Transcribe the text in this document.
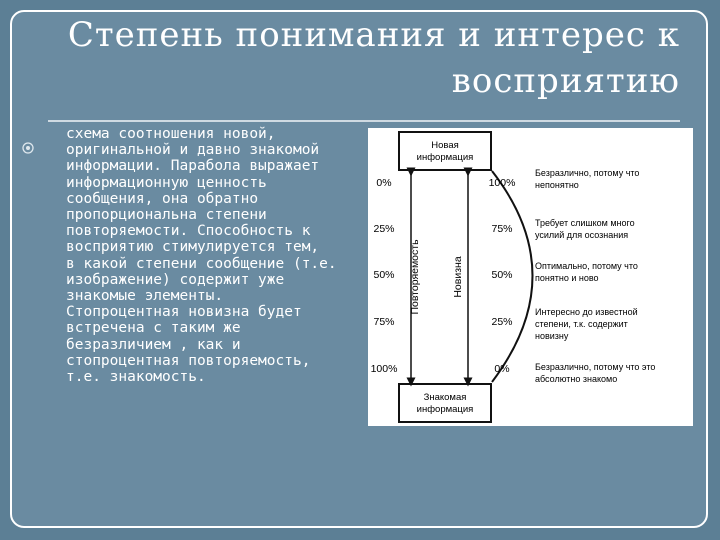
Степень понимания и интерес к
восприятию
схема соотношения новой,
оригинальной и давно знакомой
информации. Парабола выражает
информационную ценность
сообщения, она обратно
пропорциональна степени
повторяемости. Способность к
восприятию стимулируется тем,
в какой степени сообщение (т.е.
изображение) содержит уже
знакомые элементы.
Стопроцентная новизна будет
встречена с таким же
безразличием , как и
стопроцентная повторяемость,
т.е. знакомость.
Новая
информация
Знакомая
информация
Повторяемость	Новизна
0%
25%
50%
75%
100%
100%
75%
50%
25%
0%
Безразлично, потому что
непонятно
Требует слишком много
усилий для осознания
Оптимально, потому что
понятно и ново
Интересно до известной
степени, т.к. содержит
новизну
Безразлично, потому что это
абсолютно знакомо
